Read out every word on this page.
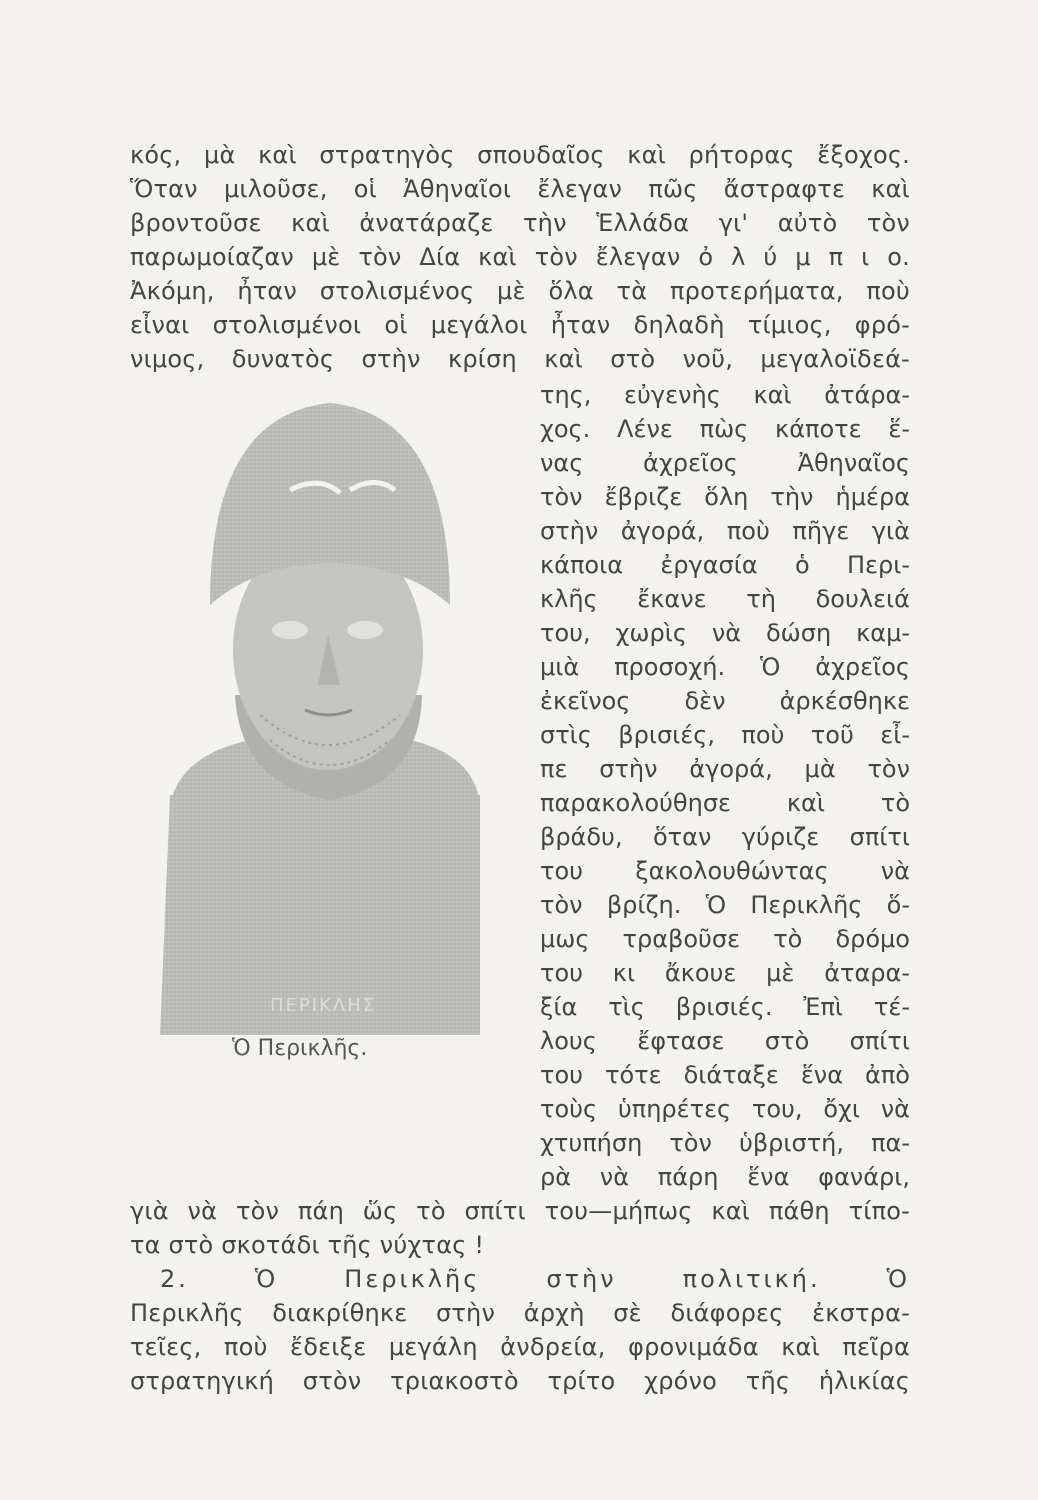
κός, μὰ καὶ στρατηγὸς σπουδαῖος καὶ ρήτορας ἔξοχος.
Ὅταν μιλοῦσε, οἱ Ἀθηναῖοι ἔλεγαν πῶς ἄστραφτε καὶ
βροντοῦσε καὶ ἀνατάραζε τὴν Ἑλλάδα γι' αὐτὸ τὸν
παρωμοίαζαν μὲ τὸν Δία καὶ τὸν ἔλεγαν ὀ λ ύ μ π ι ο.
Ἀκόμη, ἦταν στολισμένος μὲ ὅλα τὰ προτερήματα, ποὺ
εἶναι στολισμένοι οἱ μεγάλοι ἦταν δηλαδὴ τίμιος, φρό-
νιμος, δυνατὸς στὴν κρίση καὶ στὸ νοῦ, μεγαλοϊδεά-
της, εὐγενὴς καὶ ἀτάρα-
χος. Λένε πὼς κάποτε ἕ-
νας ἀχρεῖος Ἀθηναῖος
τὸν ἔβριζε ὅλη τὴν ἡμέρα
στὴν ἀγορά, ποὺ πῆγε γιὰ
κάποια ἐργασία ὁ Περι-
κλῆς ἔκανε τὴ δουλειά
του, χωρὶς νὰ δώση καμ-
μιὰ προσοχή. Ὁ ἀχρεῖος
ἐκεῖνος δὲν ἀρκέσθηκε
στὶς βρισιές, ποὺ τοῦ εἶ-
πε στὴν ἀγορά, μὰ τὸν
παρακολούθησε καὶ τὸ
βράδυ, ὅταν γύριζε σπίτι
του ξακολουθώντας νὰ
τὸν βρίζη. Ὁ Περικλῆς ὅ-
μως τραβοῦσε τὸ δρόμο
του κι ἄκουε μὲ ἀταρα-
ξία τὶς βρισιές. Ἐπὶ τέ-
λους ἔφτασε στὸ σπίτι
του τότε διάταξε ἕνα ἀπὸ
τοὺς ὑπηρέτες του, ὄχι νὰ
χτυπήση τὸν ὑβριστή, πα-
ρὰ νὰ πάρη ἕνα φανάρι,
ΠΕΡΙΚΛΗΣ
Ὁ Περικλῆς.
γιὰ νὰ τὸν πάη ὥς τὸ σπίτι του—μήπως καὶ πάθη τίπο-
τα στὸ σκοτάδι τῆς νύχτας !
2. Ὁ Περικλῆς στὴν πολιτική. Ὁ
Περικλῆς διακρίθηκε στὴν ἀρχὴ σὲ διάφορες ἐκστρα-
τεῖες, ποὺ ἔδειξε μεγάλη ἀνδρεία, φρονιμάδα καὶ πεῖρα
στρατηγική στὸν τριακοστὸ τρίτο χρόνο τῆς ἡλικίας
